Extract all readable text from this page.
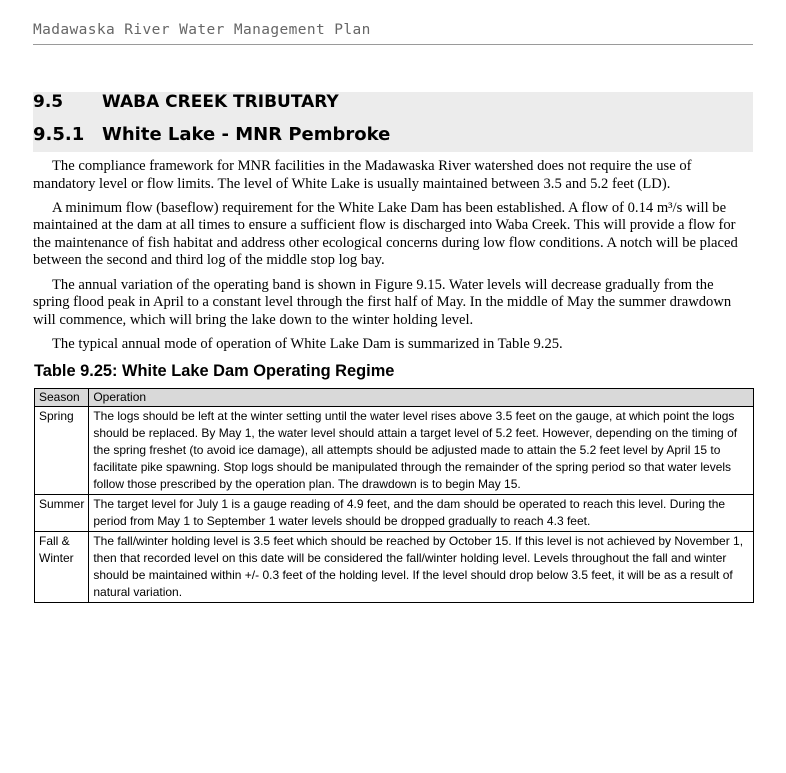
Madawaska River Water Management Plan
9.5	WABA CREEK TRIBUTARY
9.5.1 White Lake - MNR Pembroke

The compliance framework for MNR facilities in the Madawaska River watershed does not require the use of mandatory level or flow limits. The level of White Lake is usually maintained between 3.5 and 5.2 feet (LD).

A minimum flow (baseflow) requirement for the White Lake Dam has been established. A flow of 0.14 m³/s will be maintained at the dam at all times to ensure a sufficient flow is discharged into Waba Creek. This will provide a flow for the maintenance of fish habitat and address other ecological concerns during low flow conditions. A notch will be placed between the second and third log of the middle stop log bay.

The annual variation of the operating band is shown in Figure 9.15. Water levels will decrease gradually from the spring flood peak in April to a constant level through the first half of May. In the middle of May the summer drawdown will commence, which will bring the lake down to the winter holding level.

The typical annual mode of operation of White Lake Dam is summarized in Table 9.25.

Table 9.25: White Lake Dam Operating Regime
Season	Operation
Spring	The logs should be left at the winter setting until the water level rises above 3.5 feet on the gauge, at which point the logs should be replaced. By May 1, the water level should attain a target level of 5.2 feet. However, depending on the timing of the spring freshet (to avoid ice damage), all attempts should be adjusted made to attain the 5.2 feet level by April 15 to facilitate pike spawning. Stop logs should be manipulated through the remainder of the spring period so that water levels follow those prescribed by the operation plan. The drawdown is to begin May 15.
Summer	The target level for July 1 is a gauge reading of 4.9 feet, and the dam should be operated to reach this level. During the period from May 1 to September 1 water levels should be dropped gradually to reach 4.3 feet.
Fall & Winter	The fall/winter holding level is 3.5 feet which should be reached by October 15. If this level is not achieved by November 1, then that recorded level on this date will be considered the fall/winter holding level. Levels throughout the fall and winter should be maintained within +/- 0.3 feet of the holding level. If the level should drop below 3.5 feet, it will be as a result of natural variation.
